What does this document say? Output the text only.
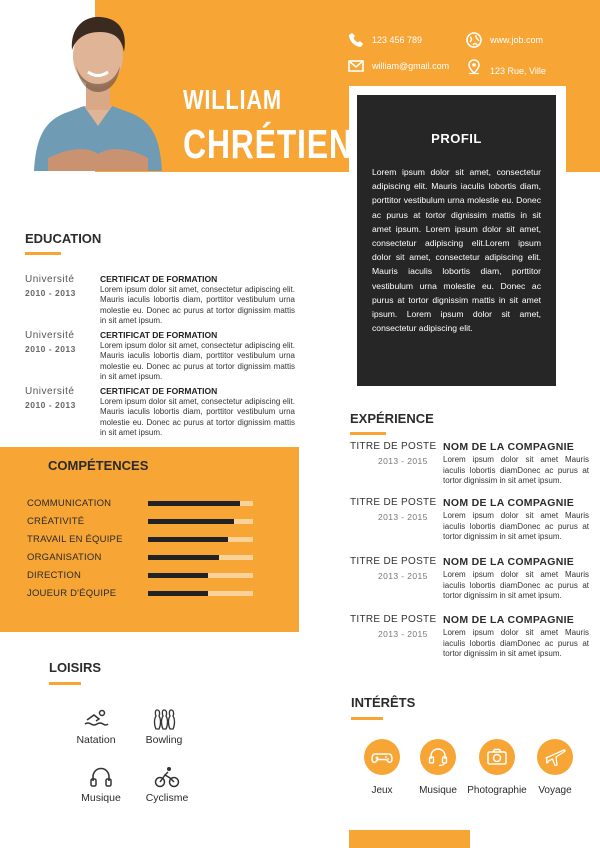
WILLIAM
CHRÉTIEN
123 456 789	www.job.com
william@gmail.com	123 Rue, Ville
PROFIL
Lorem ipsum dolor sit amet, consectetur adipiscing elit. Mauris iaculis lobortis diam, porttitor vestibulum urna molestie eu. Donec ac purus at tortor dignissim mattis in sit amet ipsum. Lorem ipsum dolor sit amet, consectetur adipiscing elit.Lorem ipsum dolor sit amet, consectetur adipiscing elit. Mauris iaculis lobortis diam, porttitor vestibulum urna molestie eu. Donec ac purus at tortor dignissim mattis in sit amet ipsum. Lorem ipsum dolor sit amet, consectetur adipiscing elit.
EDUCATION
Université
2010 - 2013
CERTIFICAT DE FORMATION
Lorem ipsum dolor sit amet, consectetur adipiscing elit. Mauris iaculis lobortis diam, porttitor vestibulum urna molestie eu. Donec ac purus at tortor dignissim mattis in sit amet ipsum.
Université
2010 - 2013
CERTIFICAT DE FORMATION
Lorem ipsum dolor sit amet, consectetur adipiscing elit. Mauris iaculis lobortis diam, porttitor vestibulum urna molestie eu. Donec ac purus at tortor dignissim mattis in sit amet ipsum.
Université
2010 - 2013
CERTIFICAT DE FORMATION
Lorem ipsum dolor sit amet, consectetur adipiscing elit. Mauris iaculis lobortis diam, porttitor vestibulum urna molestie eu. Donec ac purus at tortor dignissim mattis in sit amet ipsum.
COMPÉTENCES
COMMUNICATION
CRÉATIVITÉ
TRAVAIL EN ÉQUIPE
ORGANISATION
DIRECTION
JOUEUR D'ÉQUIPE
LOISIRS
Natation	Bowling
Musique	Cyclisme
EXPÉRIENCE
TITRE DE POSTE
2013 - 2015
NOM DE LA COMPAGNIE
Lorem ipsum dolor sit amet Mauris iaculis lobortis diamDonec ac purus at tortor dignissim in sit amet ipsum.
TITRE DE POSTE
2013 - 2015
NOM DE LA COMPAGNIE
Lorem ipsum dolor sit amet Mauris iaculis lobortis diamDonec ac purus at tortor dignissim in sit amet ipsum.
TITRE DE POSTE
2013 - 2015
NOM DE LA COMPAGNIE
Lorem ipsum dolor sit amet Mauris iaculis lobortis diamDonec ac purus at tortor dignissim in sit amet ipsum.
TITRE DE POSTE
2013 - 2015
NOM DE LA COMPAGNIE
Lorem ipsum dolor sit amet Mauris iaculis lobortis diamDonec ac purus at tortor dignissim in sit amet ipsum.
INTÉRÊTS
Jeux	Musique	Photographie	Voyage
